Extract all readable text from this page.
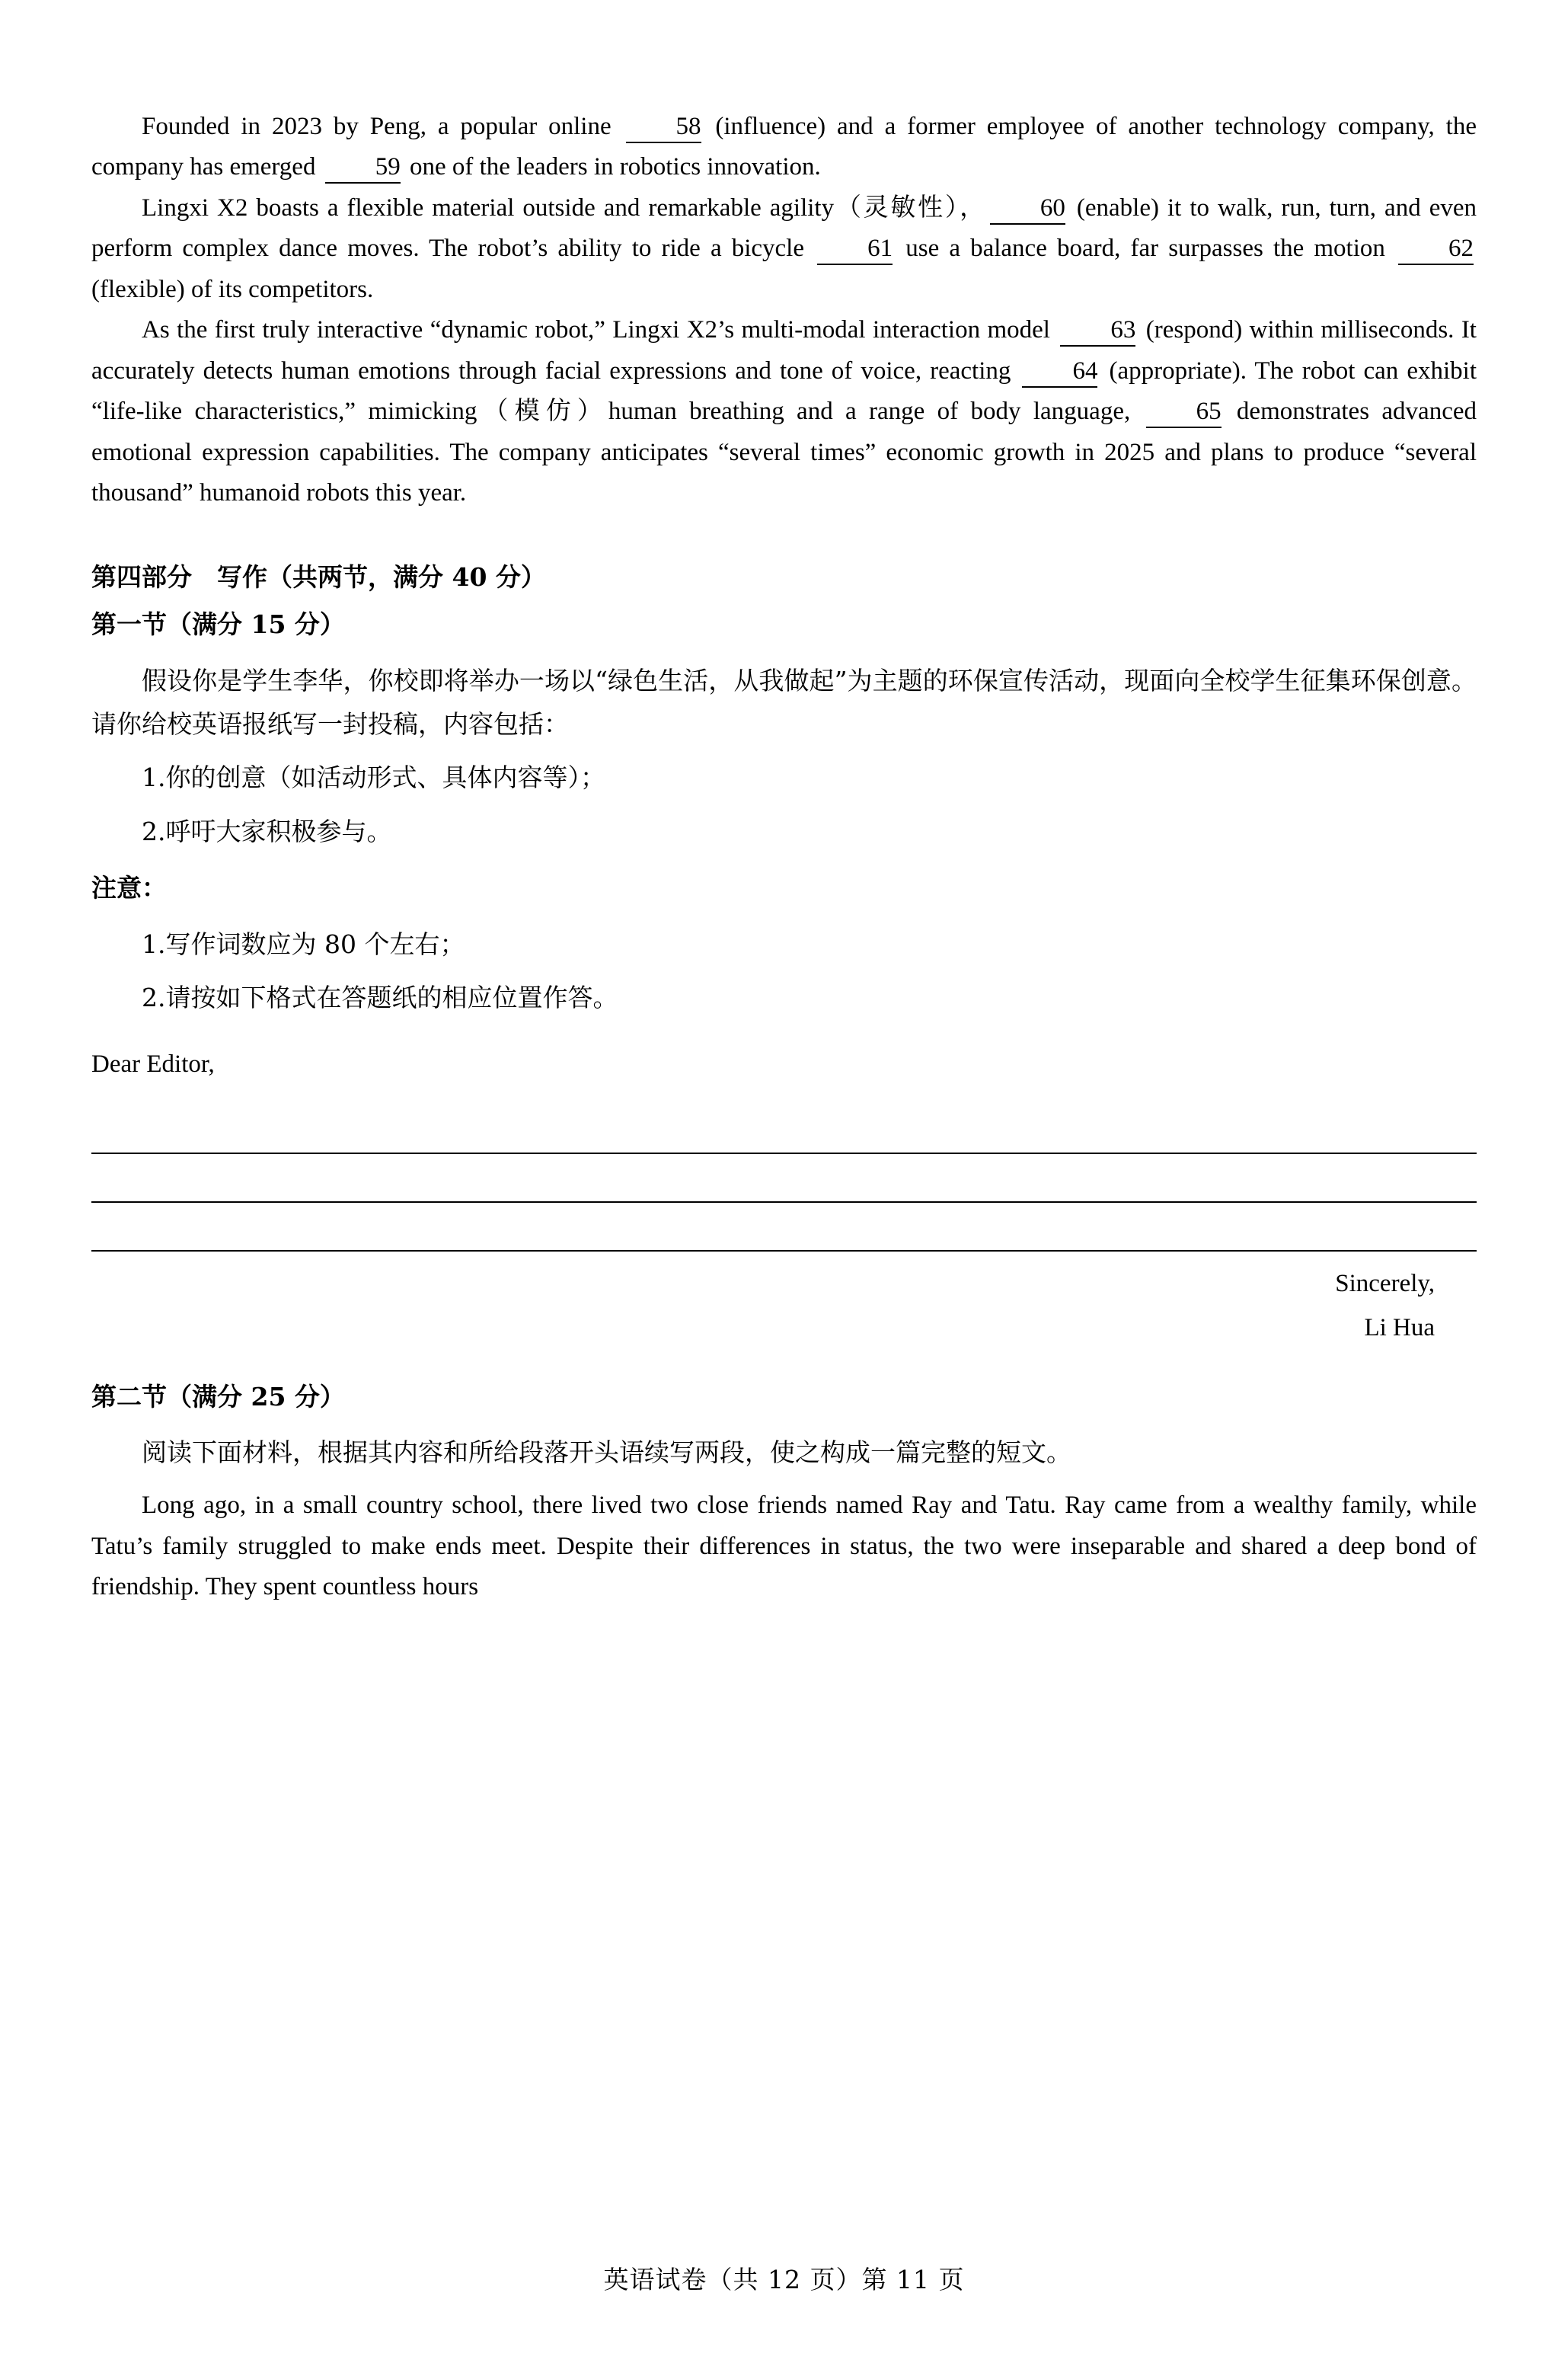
Founded in 2023 by Peng, a popular online 58 (influence) and a former employee of another technology company, the company has emerged 59 one of the leaders in robotics innovation.

Lingxi X2 boasts a flexible material outside and remarkable agility（灵敏性）， 60 (enable) it to walk, run, turn, and even perform complex dance moves. The robot’s ability to ride a bicycle 61 use a balance board, far surpasses the motion 62 (flexible) of its competitors.

As the first truly interactive “dynamic robot,” Lingxi X2’s multi-modal interaction model 63 (respond) within milliseconds. It accurately detects human emotions through facial expressions and tone of voice, reacting 64 (appropriate). The robot can exhibit “life-like characteristics,” mimicking（模仿）human breathing and a range of body language, 65 demonstrates advanced emotional expression capabilities. The company anticipates “several times” economic growth in 2025 and plans to produce “several thousand” humanoid robots this year.

第四部分　写作（共两节，满分 40 分）
第一节（满分 15 分）

假设你是学生李华，你校即将举办一场以“绿色生活，从我做起”为主题的环保宣传活动，现面向全校学生征集环保创意。请你给校英语报纸写一封投稿，内容包括：

1.你的创意（如活动形式、具体内容等）；

2.呼吁大家积极参与。

注意：

1.写作词数应为 80 个左右；

2.请按如下格式在答题纸的相应位置作答。

Dear Editor,

Sincerely,

Li Hua

第二节（满分 25 分）

阅读下面材料，根据其内容和所给段落开头语续写两段，使之构成一篇完整的短文。

Long ago, in a small country school, there lived two close friends named Ray and Tatu. Ray came from a wealthy family, while Tatu’s family struggled to make ends meet. Despite their differences in status, the two were inseparable and shared a deep bond of friendship. They spent countless hours

英语试卷（共 12 页）第 11 页
